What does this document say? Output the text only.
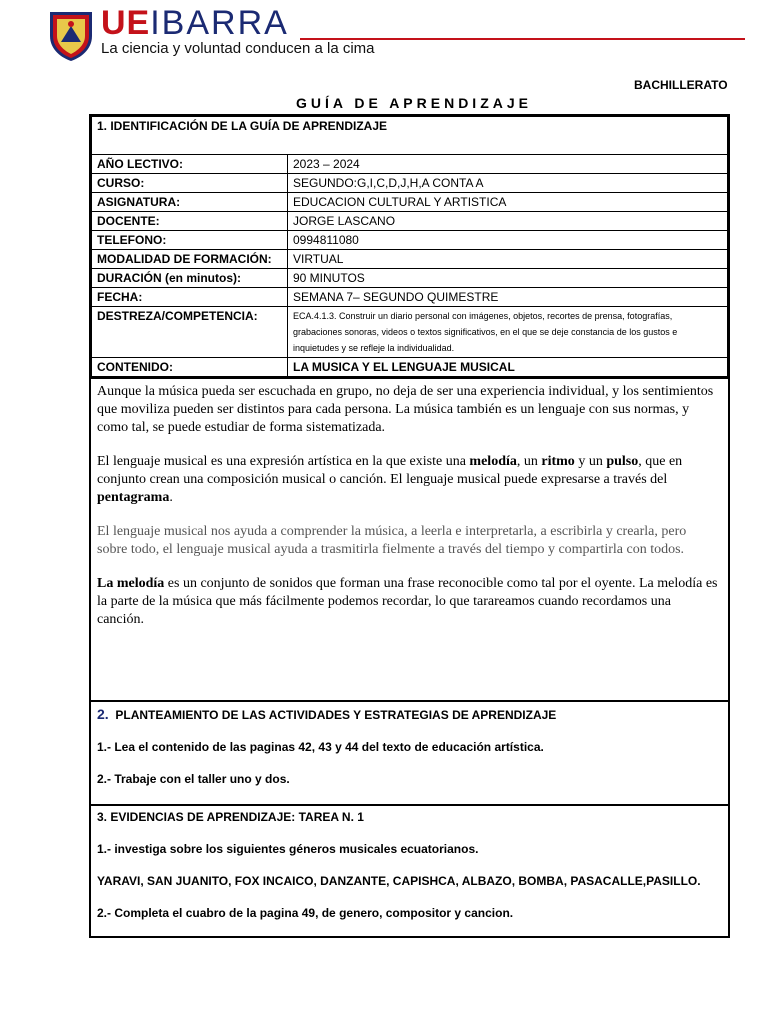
UEIBARRA
La ciencia y voluntad conducen a la cima
BACHILLERATO
GUÍA DE APRENDIZAJE
1. IDENTIFICACIÓN DE LA GUÍA DE APRENDIZAJE	
AÑO LECTIVO:	2023 – 2024
CURSO:	SEGUNDO:G,I,C,D,J,H,A CONTA A
ASIGNATURA:	EDUCACION CULTURAL Y ARTISTICA
DOCENTE:	JORGE LASCANO
TELEFONO:	0994811080
MODALIDAD DE FORMACIÓN:	VIRTUAL
DURACIÓN (en minutos):	90 MINUTOS
FECHA:	SEMANA 7– SEGUNDO QUIMESTRE
DESTREZA/COMPETENCIA:	ECA.4.1.3. Construir un diario personal con imágenes, objetos, recortes de prensa, fotografías, grabaciones sonoras, videos o textos significativos, en el que se deje constancia de los gustos e inquietudes y se refleje la individualidad.
CONTENIDO:	LA MUSICA Y EL LENGUAJE MUSICAL

Aunque la música pueda ser escuchada en grupo, no deja de ser una experiencia individual, y los sentimientos que moviliza pueden ser distintos para cada persona. La música también es un lenguaje con sus normas, y como tal, se puede estudiar de forma sistematizada.

El lenguaje musical es una expresión artística en la que existe una melodía, un ritmo y un pulso, que en conjunto crean una composición musical o canción. El lenguaje musical puede expresarse a través del pentagrama.

El lenguaje musical nos ayuda a comprender la música, a leerla e interpretarla, a escribirla y crearla, pero sobre todo, el lenguaje musical ayuda a trasmitirla fielmente a través del tiempo y compartirla con todos.

La melodía es un conjunto de sonidos que forman una frase reconocible como tal por el oyente. La melodía es la parte de la música que más fácilmente podemos recordar, lo que tarareamos cuando recordamos una canción.

2. PLANTEAMIENTO DE LAS ACTIVIDADES Y ESTRATEGIAS DE APRENDIZAJE

1.- Lea el contenido de las paginas 42, 43 y 44 del texto de educación artística.

2.- Trabaje con el taller uno y dos.

3. EVIDENCIAS DE APRENDIZAJE: TAREA N. 1

1.- investiga sobre los siguientes géneros musicales ecuatorianos.

YARAVI, SAN JUANITO, FOX INCAICO, DANZANTE, CAPISHCA, ALBAZO, BOMBA, PASACALLE,PASILLO.

2.- Completa el cuabro de la pagina 49, de genero, compositor y cancion.
